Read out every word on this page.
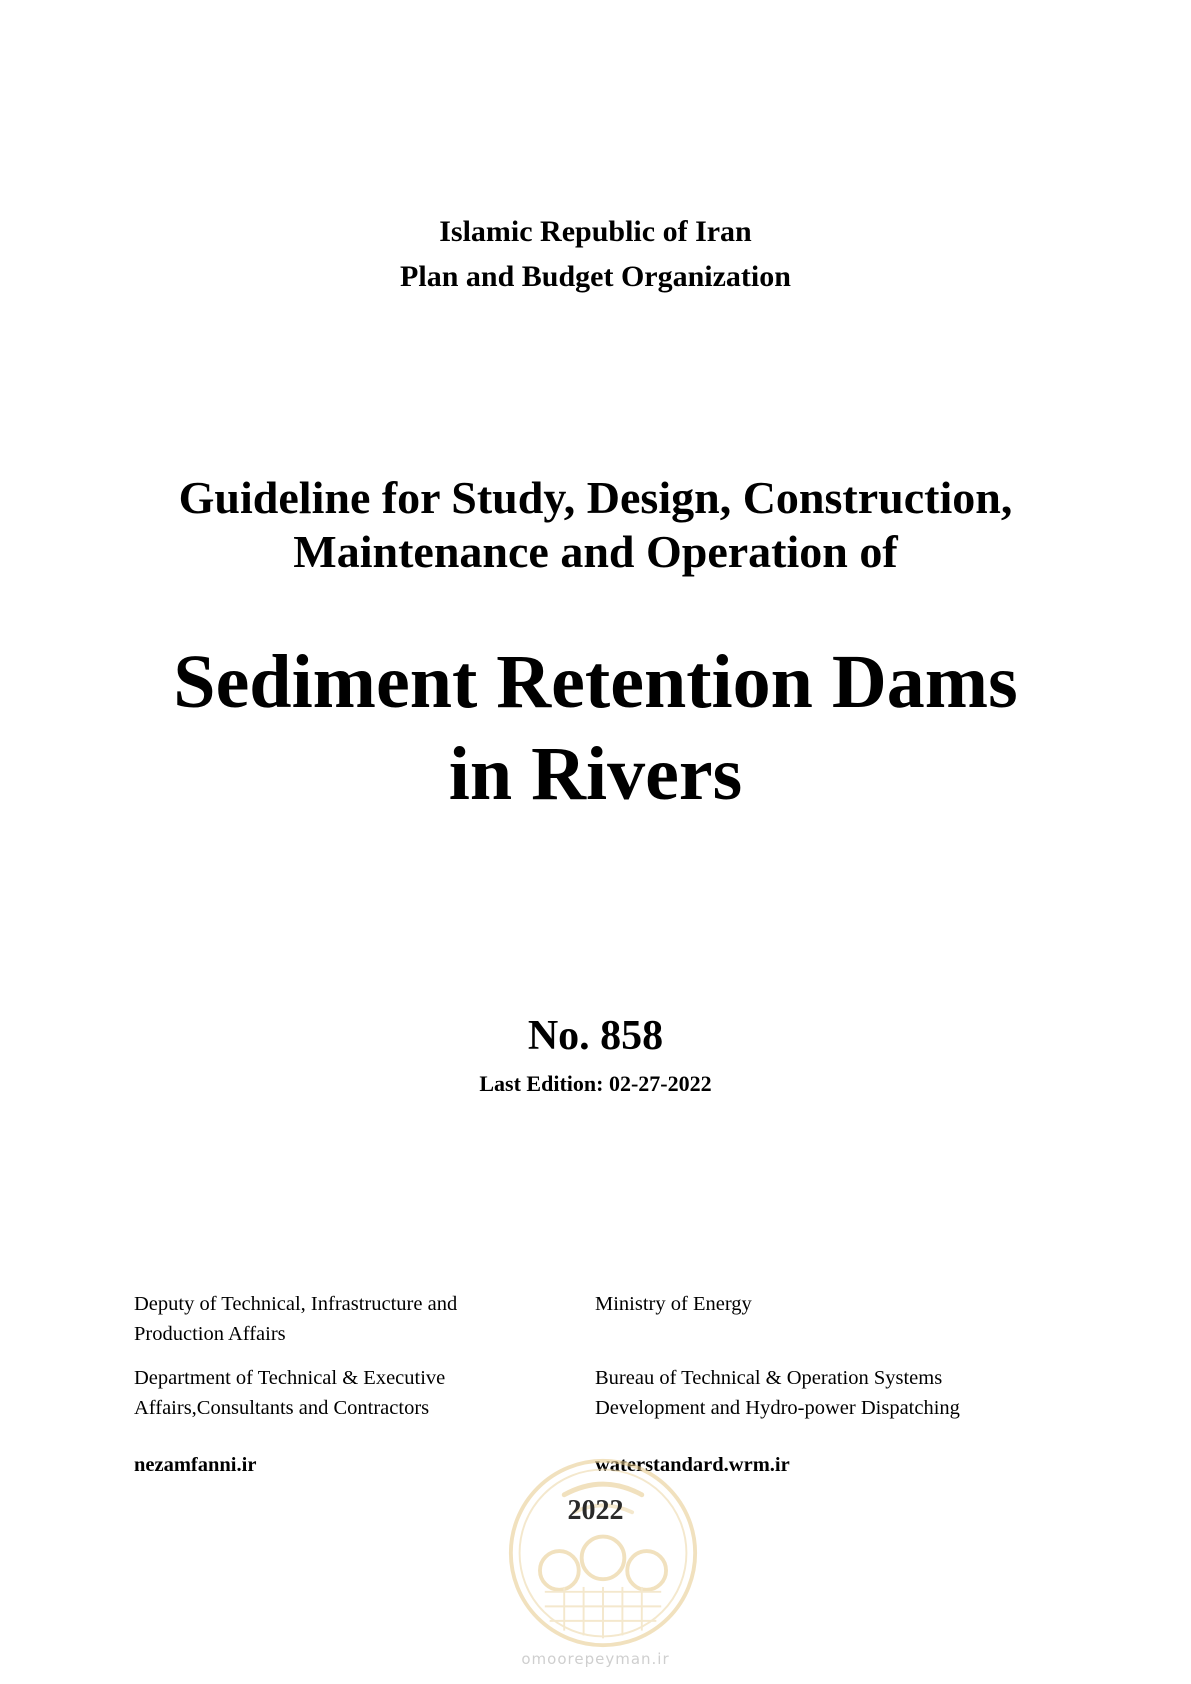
Islamic Republic of Iran
Plan and Budget Organization
Guideline for Study, Design, Construction,
Maintenance and Operation of
Sediment Retention Dams
in Rivers
No. 858
Last Edition: 02-27-2022
Deputy of Technical, Infrastructure and
Production Affairs
Department of Technical & Executive
Affairs,Consultants and Contractors
nezamfanni.ir
Ministry of Energy
Bureau of Technical & Operation Systems
Development and Hydro-power Dispatching
waterstandard.wrm.ir
2022
omoorepeyman.ir
